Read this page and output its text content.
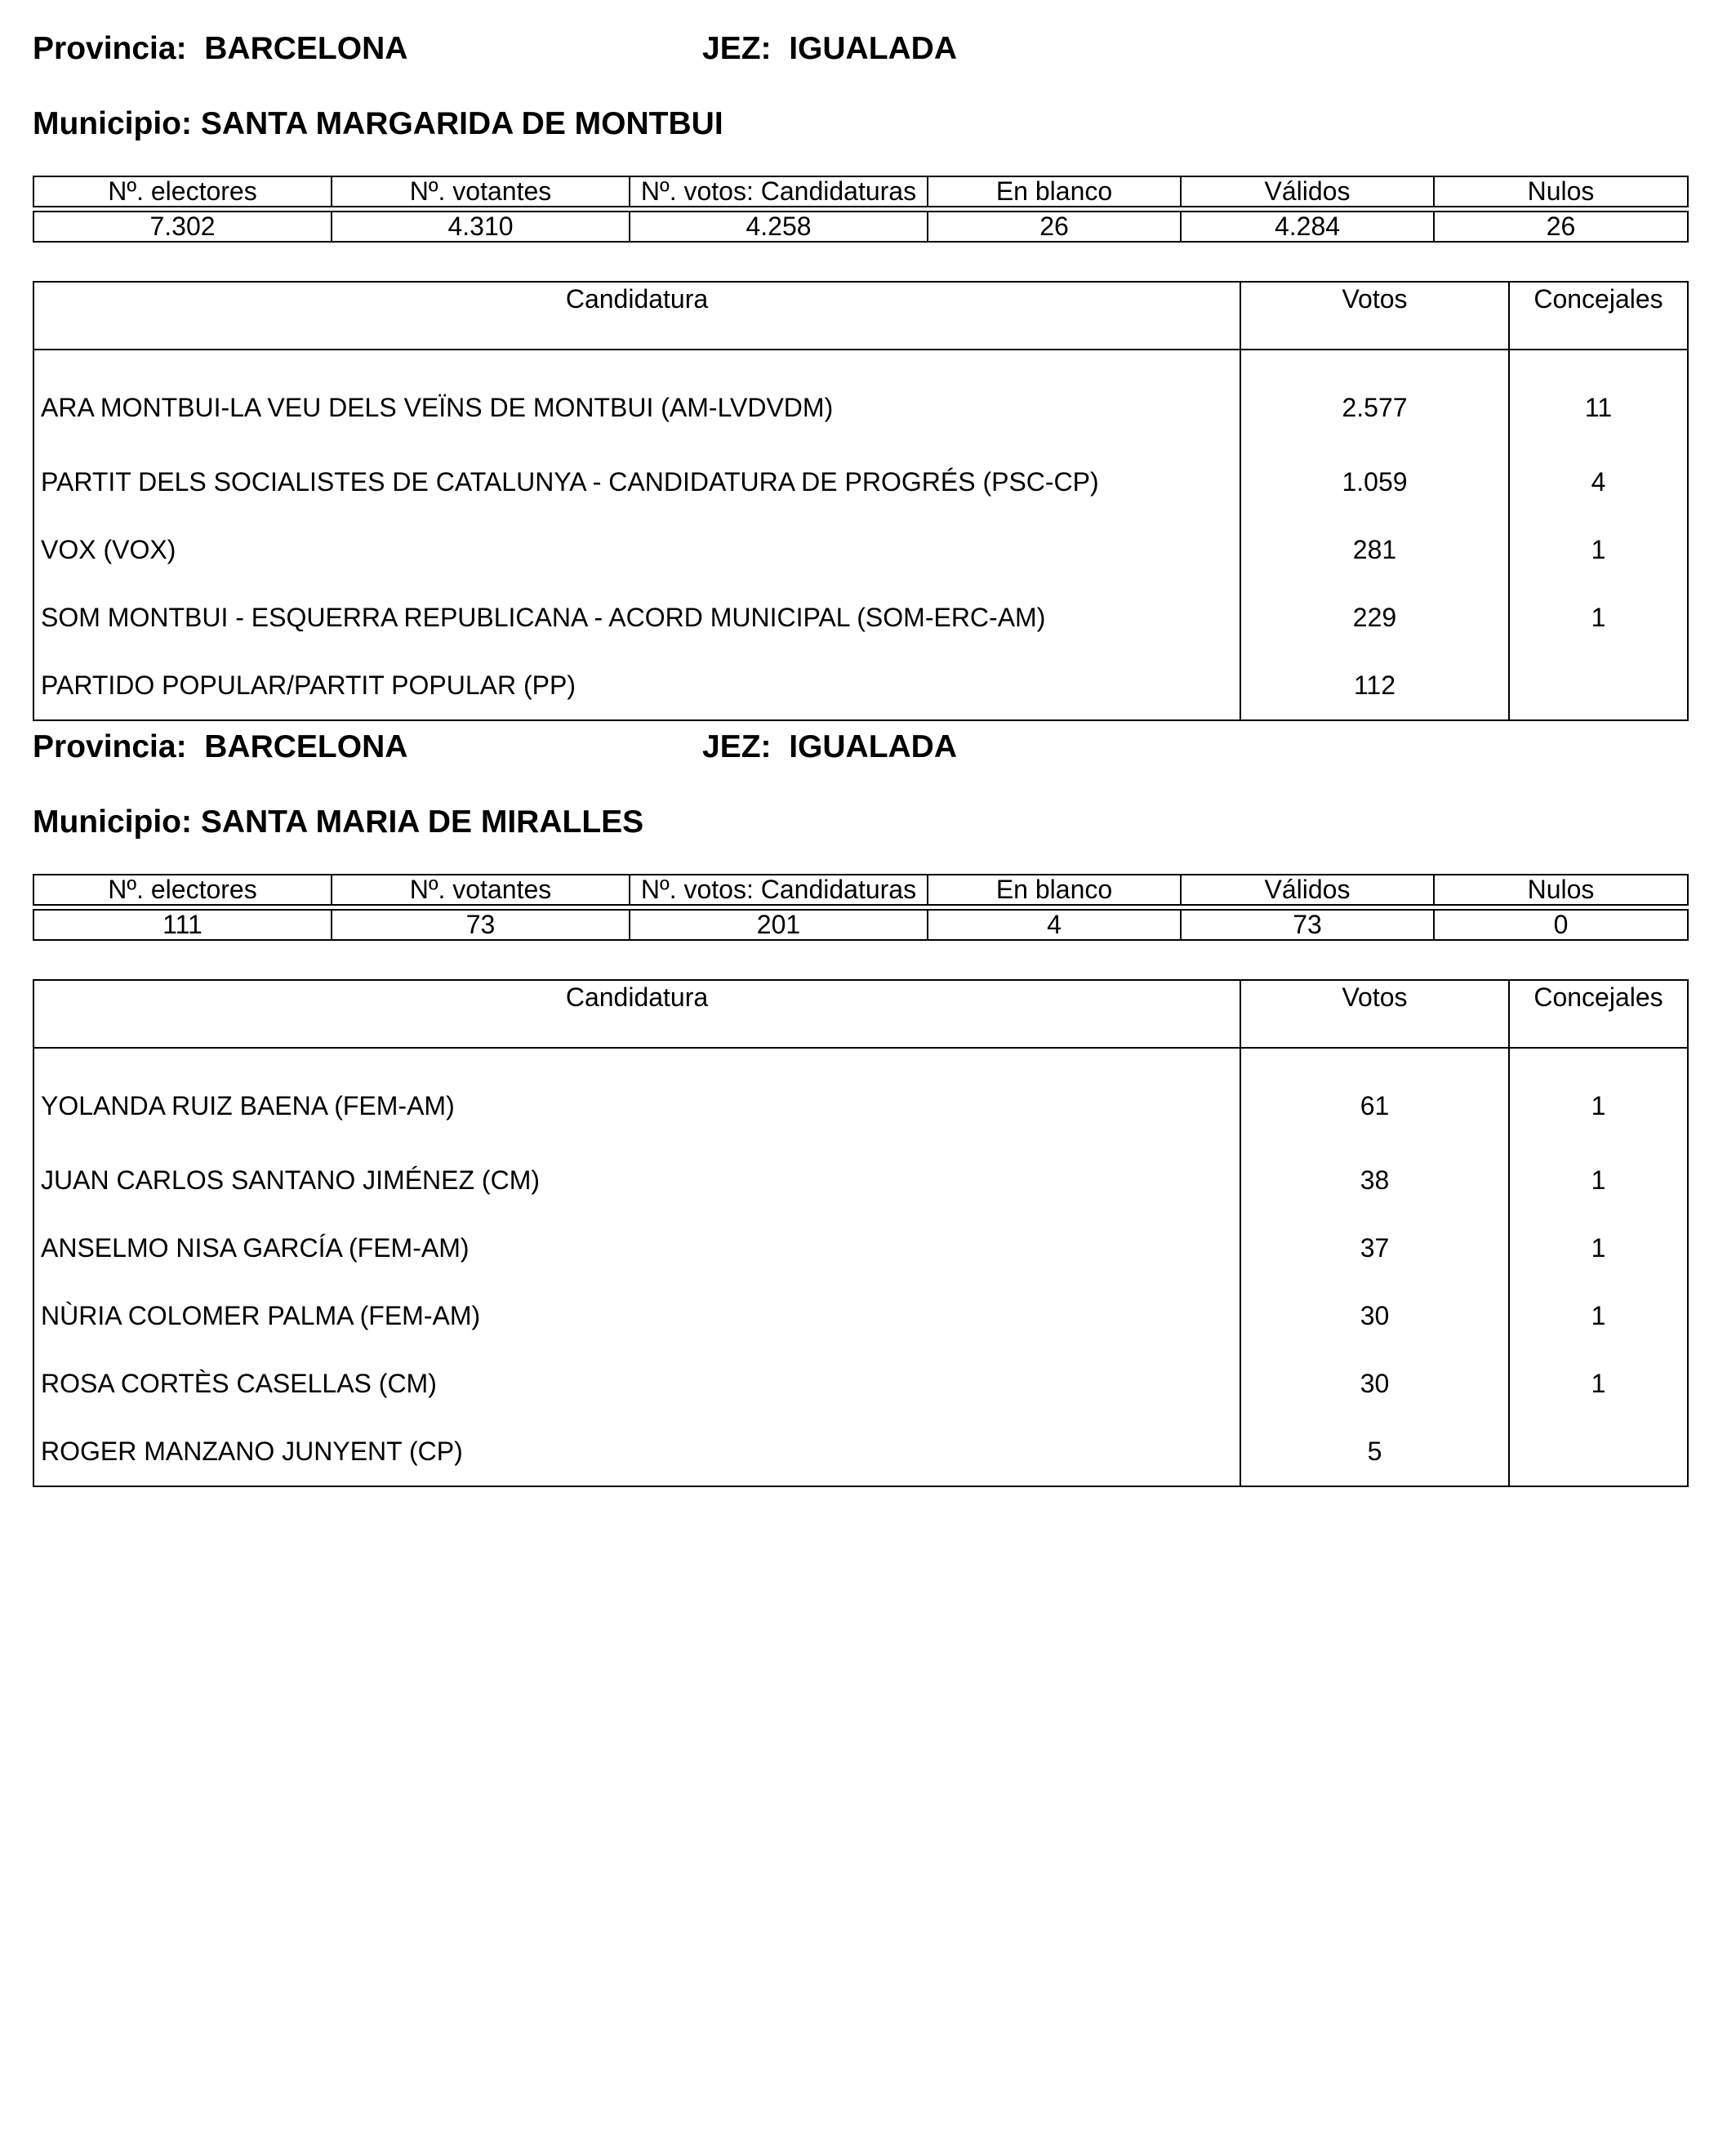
Provincia: BARCELONA	JEZ: IGUALADA
Municipio: SANTA MARGARIDA DE MONTBUI
Nº. electores	Nº. votantes	Nº. votos: Candidaturas	En blanco	Válidos	Nulos

7.302	4.310	4.258	26	4.284	26
Candidatura	Votos	Concejales
ARA MONTBUI-LA VEU DELS VEÏNS DE MONTBUI (AM-LVDVDM)	2.577	11
PARTIT DELS SOCIALISTES DE CATALUNYA - CANDIDATURA DE PROGRÉS (PSC-CP)	1.059	4
VOX (VOX)	281	1
SOM MONTBUI - ESQUERRA REPUBLICANA - ACORD MUNICIPAL (SOM-ERC-AM)	229	1
PARTIDO POPULAR/PARTIT POPULAR (PP)	112	
Provincia: BARCELONA	JEZ: IGUALADA
Municipio: SANTA MARIA DE MIRALLES
Nº. electores	Nº. votantes	Nº. votos: Candidaturas	En blanco	Válidos	Nulos

111	73	201	4	73	0
Candidatura	Votos	Concejales
YOLANDA RUIZ BAENA (FEM-AM)	61	1
JUAN CARLOS SANTANO JIMÉNEZ (CM)	38	1
ANSELMO NISA GARCÍA (FEM-AM)	37	1
NÙRIA COLOMER PALMA (FEM-AM)	30	1
ROSA CORTÈS CASELLAS (CM)	30	1
ROGER MANZANO JUNYENT (CP)	5	
